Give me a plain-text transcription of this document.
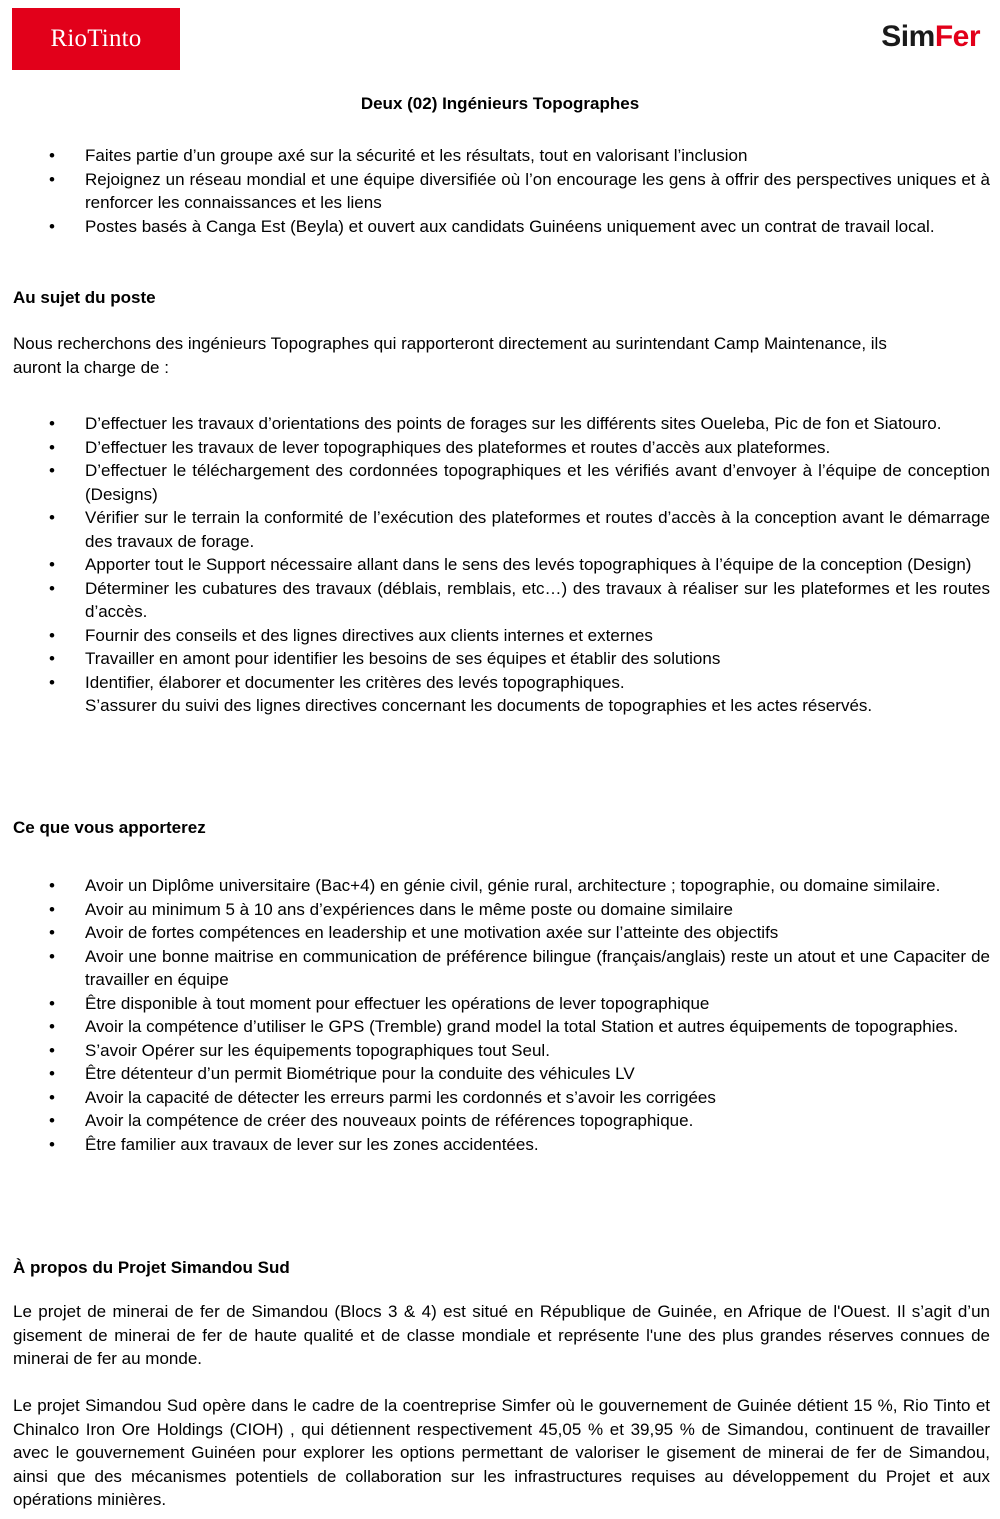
RioTinto	SimFer
Deux (02) Ingénieurs Topographes
• Faites partie d’un groupe axé sur la sécurité et les résultats, tout en valorisant l’inclusion
• Rejoignez un réseau mondial et une équipe diversifiée où l’on encourage les gens à offrir des perspectives uniques et à renforcer les connaissances et les liens
• Postes basés à Canga Est (Beyla) et ouvert aux candidats Guinéens uniquement avec un contrat de travail local.
Au sujet du poste
Nous recherchons des ingénieurs Topographes qui rapporteront directement au surintendant Camp Maintenance, ils auront la charge de :
• D’effectuer les travaux d’orientations des points de forages sur les différents sites Oueleba, Pic de fon et Siatouro.
• D’effectuer les travaux de lever topographiques des plateformes et routes d’accès aux plateformes.
• D’effectuer le téléchargement des cordonnées topographiques et les vérifiés avant d’envoyer à l’équipe de conception (Designs)
• Vérifier sur le terrain la conformité de l’exécution des plateformes et routes d’accès à la conception avant le démarrage des travaux de forage.
• Apporter tout le Support nécessaire allant dans le sens des levés topographiques à l’équipe de la conception (Design)
• Déterminer les cubatures des travaux (déblais, remblais, etc…) des travaux à réaliser sur les plateformes et les routes d’accès.
• Fournir des conseils et des lignes directives aux clients internes et externes
• Travailler en amont pour identifier les besoins de ses équipes et établir des solutions
• Identifier, élaborer et documenter les critères des levés topographiques.
S’assurer du suivi des lignes directives concernant les documents de topographies et les actes réservés.
Ce que vous apporterez
• Avoir un Diplôme universitaire (Bac+4) en génie civil, génie rural, architecture ; topographie, ou domaine similaire.
• Avoir au minimum 5 à 10 ans d’expériences dans le même poste ou domaine similaire
• Avoir de fortes compétences en leadership et une motivation axée sur l’atteinte des objectifs
• Avoir une bonne maitrise en communication de préférence bilingue (français/anglais) reste un atout et une Capaciter de travailler en équipe
• Être disponible à tout moment pour effectuer les opérations de lever topographique
• Avoir la compétence d’utiliser le GPS (Tremble) grand model la total Station et autres équipements de topographies.
• S’avoir Opérer sur les équipements topographiques tout Seul.
• Être détenteur d’un permit Biométrique pour la conduite des véhicules LV
• Avoir la capacité de détecter les erreurs parmi les cordonnés et s’avoir les corrigées
• Avoir la compétence de créer des nouveaux points de références topographique.
• Être familier aux travaux de lever sur les zones accidentées.
À propos du Projet Simandou Sud
Le projet de minerai de fer de Simandou (Blocs 3 & 4) est situé en République de Guinée, en Afrique de l'Ouest. Il s’agit d’un gisement de minerai de fer de haute qualité et de classe mondiale et représente l'une des plus grandes réserves connues de minerai de fer au monde.
Le projet Simandou Sud opère dans le cadre de la coentreprise Simfer où le gouvernement de Guinée détient 15 %, Rio Tinto et Chinalco Iron Ore Holdings (CIOH) , qui détiennent respectivement 45,05 % et 39,95 % de Simandou, continuent de travailler avec le gouvernement Guinéen pour explorer les options permettant de valoriser le gisement de minerai de fer de Simandou, ainsi que des mécanismes potentiels de collaboration sur les infrastructures requises au développement du Projet et aux opérations minières.
